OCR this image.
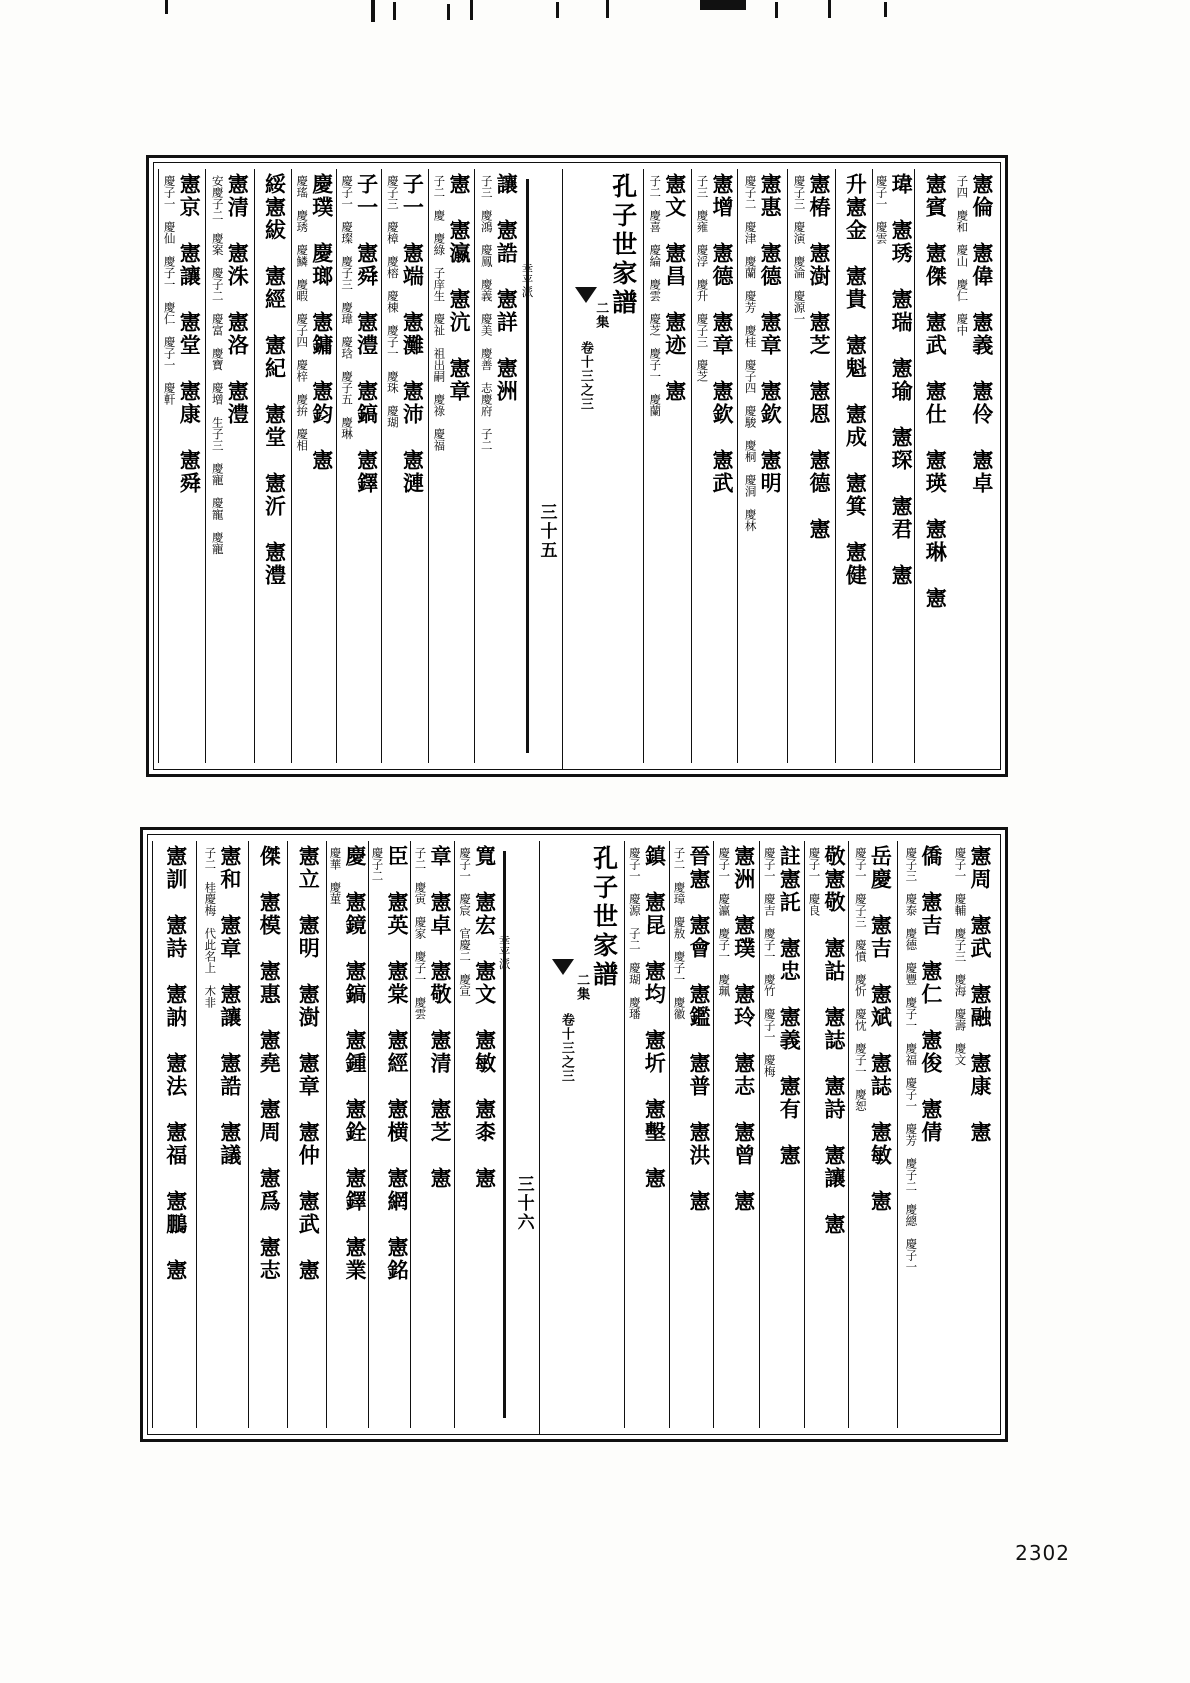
憲倫　憲偉　憲義　憲伶　憲卓
子四　慶和　慶山　慶仁　慶中
憲賓　憲傑　憲武　憲仕　憲瑛　憲琳　憲
瑋　憲琇　憲瑞　憲瑜　憲琛　憲君　憲
慶子一　慶雲
升憲金　憲貴　憲魁　憲成　憲箕　憲健
憲椿　憲澍　憲芝　憲恩　憲德　憲
慶子三　慶演　慶淪　慶源一
憲惠　憲德　憲章　憲欽　憲明
慶子二　慶津　慶蘭　慶芳　慶桂　慶子四　慶駿　慶桐　慶洞　慶林
憲增　憲德　憲章　憲欽　憲武
子三　慶雍　慶浮　慶升　慶子三　慶芝
憲文　憲昌　憲迹　憲
子二　慶喜　慶綸　慶雲　慶芝　慶子一　慶蘭
孔子世家譜
二集
卷十三之三
三十五
讓　憲誥　憲詳　憲洲
子三　慶鴻　慶鳳　慶義　慶美　慶善　志慶府　子二
憲　憲瀛　憲沆　憲章
子二　慶　慶綠　子庠生　慶祉　祖出嗣　慶祿　慶福
子一　憲端　憲灘　憲沛　憲漣
慶子三　慶樟　慶榕　慶棟　慶子一　慶珠　慶瑚
子一　憲舜　憲澧　憲鎬　憲鐸
慶子一　慶璨　慶子三　慶瑋　慶琀　慶子五　慶琳
慶璞　慶瑯　憲鏞　憲鈞　憲
慶瑤　慶琇　慶鱗　慶暇　慶子四　慶梓　慶拚　慶相
綏憲紱　憲經　憲紀　憲堂　憲沂　憲澧
憲清　憲洙　憲洛　憲澧
安慶子二　慶案　慶子二　慶富　慶寶　慶增　生子三　慶寵　慶寵　慶寵
憲京　憲讓　憲堂　憲康　憲舜
慶子一　慶仙　慶子一　慶仁　慶子一　慶軒
憲周　憲武　憲融　憲康　憲
慶子一　慶輔　慶子三　慶海　慶壽　慶文
僑　憲吉　憲仁　憲俊　憲倩
慶子三　慶泰　慶德　慶豐　慶子一　慶福　慶子一　慶芳　慶子二　慶總　慶子一
岳慶　憲吉　憲斌　憲誌　憲敏　憲
慶子一　慶子三　慶憤　慶忻　慶忱　慶子一　慶恕
敬憲敬　憲詁　憲誌　憲詩　憲讓　憲
慶子一　慶良
註憲託　憲忠　憲義　憲有　憲
慶子一　慶吉　慶子一　慶竹　慶子一　慶梅
憲洲　憲璞　憲玲　憲志　憲曾　憲
慶子一　慶瀛　慶子一　慶珮
晉憲　憲會　憲鑑　憲普　憲洪　憲
子二　慶璋　慶敖　慶子一　慶徽
鎮　憲昆　憲均　憲圻　憲墼　憲
慶子一　慶源　子二　慶瑚　慶璠
孔子世家譜
二集
卷十三之三
三十六
寬　憲宏　憲文　憲敏　憲桼　憲
慶子一　慶宸　官慶二　慶宣
章　憲卓　憲敬　憲清　憲芝　憲
子二　慶寅　慶家　慶子一　慶雲
臣　憲英　憲棠　憲經　憲横　憲網　憲銘
慶子二
慶　憲鏡　憲鎬　憲鍾　憲銓　憲鐸　憲業
慶華　慶菫
憲立　憲明　憲澍　憲章　憲仲　憲武　憲
傑　憲模　憲惠　憲堯　憲周　憲爲　憲志
憲和　憲章　憲讓　憲誥　憲議
子二　桂慶梅　代此名上　木非
憲訓　憲詩　憲訥　憲法　憲福　憲鵬　憲
2302
